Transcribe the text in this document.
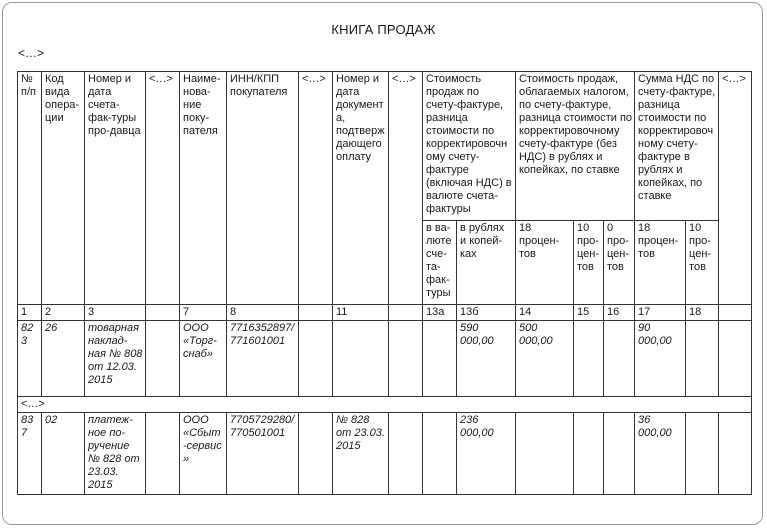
КНИГА ПРОДАЖ
<…>
№ п/п	Код вида опера-ции	Номер и дата счета-фак-туры про-давца	<…>	Наиме-нова-ние поку-пателя	ИНН/КПП покупателя	<…>	Номер и дата документа, подтверждающего оплату	<…>	Стоимость продаж по счету-фактуре, разница стоимости по корректировочному счету-фактуре (включая НДС) в валюте счета-фактуры		Стоимость продаж, облагаемых налогом, по счету-фактуре, разница стоимости по корректировочному счету-фактуре (без НДС) в рублях и копейках, по ставке			Сумма НДС по счету-фактуре, разница стоимости по корректировочному счету-фактуре в рублях и копейках, по ставке		<…>
									в ва-люте сче-та-фак-туры	в рублях и копей-ках	18 процен-тов	10 про-цен-тов	0 про-цен-тов	18 процен-тов	10 про-цен-тов	
1	2	3		7	8		11		13а	13б	14	15	16	17	18	
823	26	товарная наклад-ная № 808 от 12.03. 2015		ООО «Торг-снаб»	7716352897/ 771601001					590 000,00	500 000,00			90 000,00		
<…>																
837	02	платеж-ное по-ручение № 828 от 23.03. 2015		ООО «Сбыт-сервис»	7705729280/ 770501001		№ 828 от 23.03. 2015			236 000,00				36 000,00		
